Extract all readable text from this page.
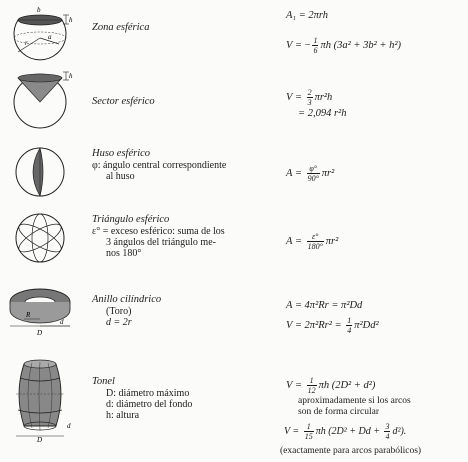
b
h
r
a
Zona esférica
A₁ = 2πrh
V = − $\frac{1}{6}$ πh (3a² + 3b² + h²)
h
Sector esférico	$V = \frac{2}{3} \pi r^2h$
= 2,094 r²h
Huso esférico
φ: ángulo central correspondiente
al huso	$A = \frac{\varphi^\circ}{90^\circ} \pi r^2$
Triángulo esférico
ε° = exceso esférico: suma de los
3 ángulos del triángulo me-
nos 180°
$A = \frac{\varepsilon^\circ}{180^\circ} \pi r^2$
R
d
D
Anillo cilíndrico
(Toro)
d = 2r
A = 4π²Rr = π²Dd
$V = 2\pi^2Rr^2 = \frac{1}{4} \pi^2Dd^2$
D
d
Tonel
D: diámetro máximo
d: diámetro del fondo
h: altura
$V = \frac{1}{12}$ πh (2D² + d²)
aproximadamente si los arcos
son de forma circular
$V = \frac{1}{15}$ πh $(2D^2 + Dd + \frac{3}{4} d^2)$.
(exactamente para arcos parabólicos)
